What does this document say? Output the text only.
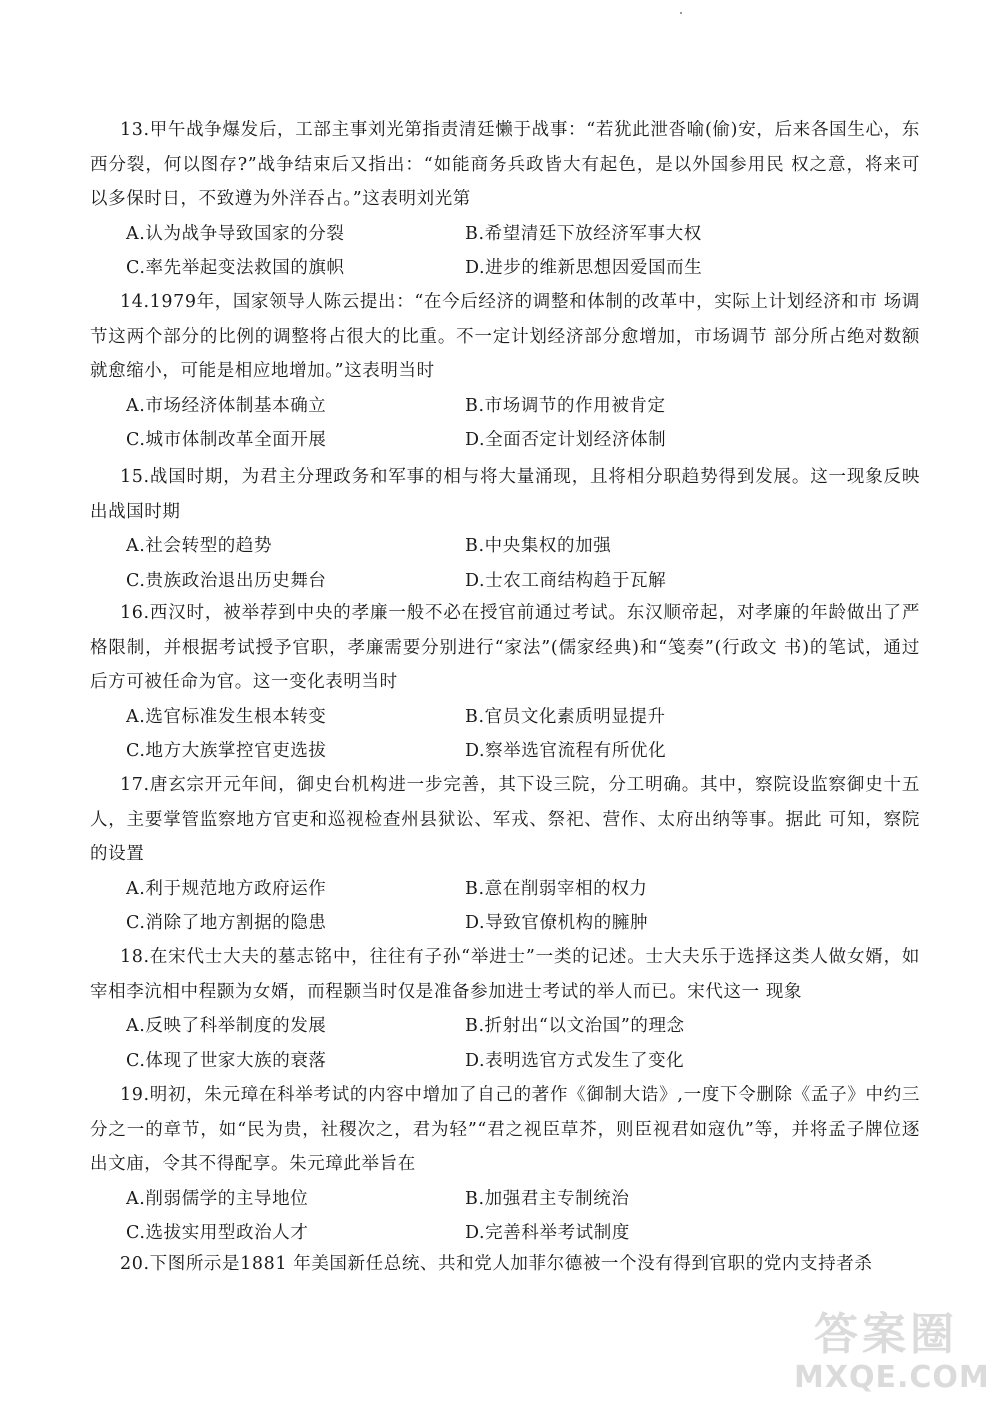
13.甲午战争爆发后，工部主事刘光第指责清廷懒于战事：“若犹此泄沓喻(偷)安，后来各国生心，东西分裂，何以图存?”战争结束后又指出：“如能商务兵政皆大有起色，是以外国参用民 权之意，将来可以多保时日，不致遵为外洋吞占。”这表明刘光第

A.认为战争导致国家的分裂	B.希望清廷下放经济军事大权
C.率先举起变法救国的旗帜	D.进步的维新思想因爱国而生

14.1979年，国家领导人陈云提出：“在今后经济的调整和体制的改革中，实际上计划经济和市 场调节这两个部分的比例的调整将占很大的比重。不一定计划经济部分愈增加，市场调节 部分所占绝对数额就愈缩小，可能是相应地增加。”这表明当时

A.市场经济体制基本确立	B.市场调节的作用被肯定
C.城市体制改革全面开展	D.全面否定计划经济体制

15.战国时期，为君主分理政务和军事的相与将大量涌现，且将相分职趋势得到发展。这一现象反映出战国时期

A.社会转型的趋势	B.中央集权的加强
C.贵族政治退出历史舞台	D.士农工商结构趋于瓦解

16.西汉时，被举荐到中央的孝廉一般不必在授官前通过考试。东汉顺帝起，对孝廉的年龄做出了严格限制，并根据考试授予官职，孝廉需要分别进行“家法”(儒家经典)和“笺奏”(行政文 书)的笔试，通过后方可被任命为官。这一变化表明当时

A.选官标准发生根本转变	B.官员文化素质明显提升
C.地方大族掌控官吏选拔	D.察举选官流程有所优化

17.唐玄宗开元年间，御史台机构进一步完善，其下设三院，分工明确。其中，察院设监察御史十五人，主要掌管监察地方官吏和巡视检查州县狱讼、军戎、祭祀、营作、太府出纳等事。据此 可知，察院的设置

A.利于规范地方政府运作	B.意在削弱宰相的权力
C.消除了地方割据的隐患	D.导致官僚机构的臃肿

18.在宋代士大夫的墓志铭中，往往有子孙“举进士”一类的记述。士大夫乐于选择这类人做女婿，如宰相李沆相中程颢为女婿，而程颢当时仅是准备参加进士考试的举人而已。宋代这一 现象

A.反映了科举制度的发展	B.折射出“以文治国”的理念
C.体现了世家大族的衰落	D.表明选官方式发生了变化

19.明初，朱元璋在科举考试的内容中增加了自己的著作《御制大诰》,一度下令删除《孟子》中约三分之一的章节，如“民为贵，社稷次之，君为轻”“君之视臣草芥，则臣视君如寇仇”等，并将孟子牌位逐出文庙，令其不得配享。朱元璋此举旨在

A.削弱儒学的主导地位	B.加强君主专制统治
C.选拔实用型政治人才	D.完善科举考试制度

20.下图所示是1881 年美国新任总统、共和党人加菲尔德被一个没有得到官职的党内支持者杀

答案圈
MXQE.COM
